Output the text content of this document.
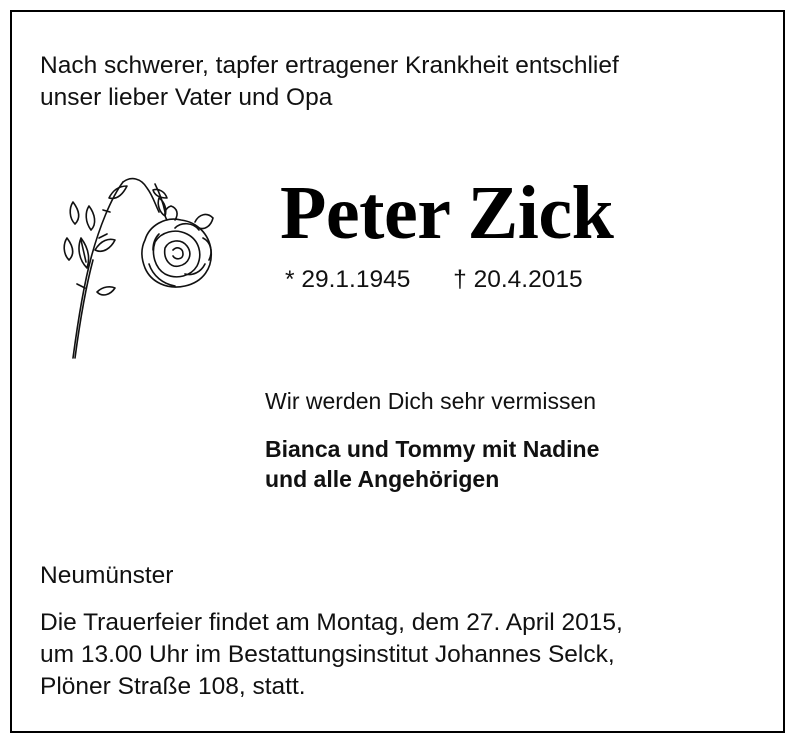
Nach schwerer, tapfer ertragener Krankheit entschlief
unser lieber Vater und Opa
Peter Zick
* 29.1.1945 † 20.4.2015
Wir werden Dich sehr vermissen
Bianca und Tommy mit Nadine
und alle Angehörigen
Neumünster
Die Trauerfeier findet am Montag, dem 27. April 2015,
um 13.00 Uhr im Bestattungsinstitut Johannes Selck,
Plöner Straße 108, statt.
